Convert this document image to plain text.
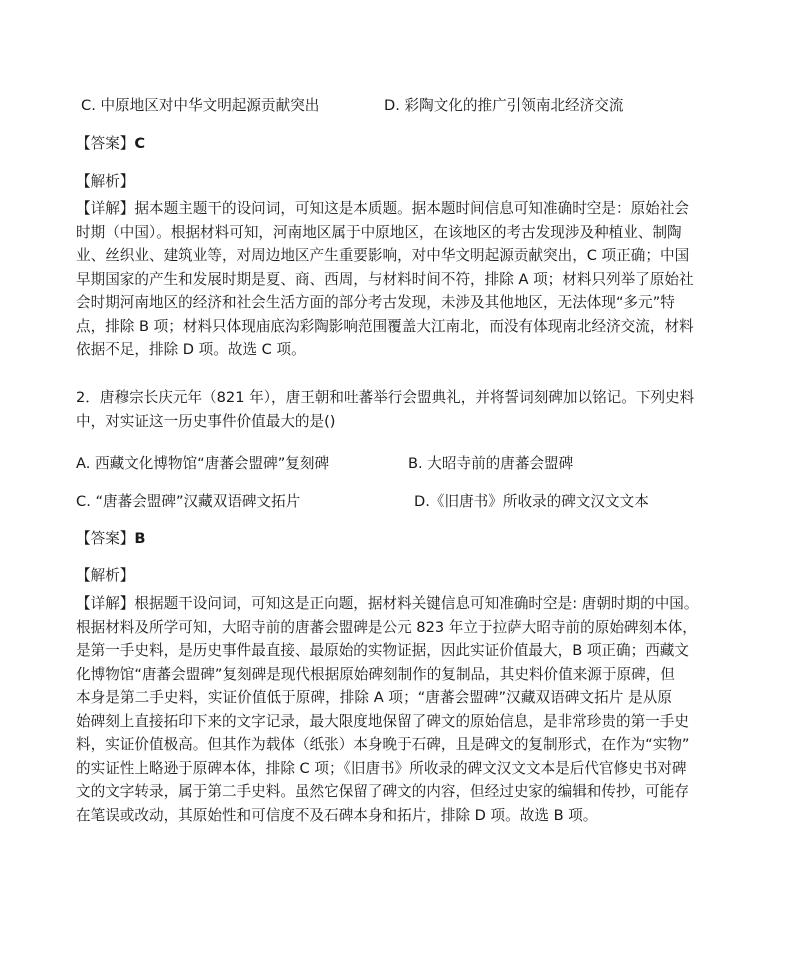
C. 中原地区对中华文明起源贡献突出	D. 彩陶文化的推广引领南北经济交流
【答案】C
【解析】
【详解】据本题主题干的设问词，可知这是本质题。据本题时间信息可知准确时空是：原始社会
时期（中国）。根据材料可知，河南地区属于中原地区，在该地区的考古发现涉及种植业、制陶
业、丝织业、建筑业等，对周边地区产生重要影响，对中华文明起源贡献突出，C 项正确；中国
早期国家的产生和发展时期是夏、商、西周，与材料时间不符，排除 A 项；材料只列举了原始社
会时期河南地区的经济和社会生活方面的部分考古发现，未涉及其他地区，无法体现“多元”特
点，排除 B 项；材料只体现庙底沟彩陶影响范围覆盖大江南北，而没有体现南北经济交流，材料
依据不足，排除 D 项。故选 C 项。
2．唐穆宗长庆元年（821 年），唐王朝和吐蕃举行会盟典礼，并将誓词刻碑加以铭记。下列史料
中，对实证这一历史事件价值最大的是()
A. 西藏文化博物馆“唐蕃会盟碑”复刻碑	B. 大昭寺前的唐蕃会盟碑
C. “唐蕃会盟碑”汉藏双语碑文拓片	D.《旧唐书》所收录的碑文汉文文本
【答案】B
【解析】
【详解】根据题干设问词，可知这是正向题，据材料关键信息可知准确时空是: 唐朝时期的中国。
根据材料及所学可知，大昭寺前的唐蕃会盟碑是公元 823 年立于拉萨大昭寺前的原始碑刻本体，
是第一手史料，是历史事件最直接、最原始的实物证据，因此实证价值最大，B 项正确；西藏文
化博物馆“唐蕃会盟碑”复刻碑是现代根据原始碑刻制作的复制品，其史料价值来源于原碑，但
本身是第二手史料，实证价值低于原碑，排除 A 项；“唐蕃会盟碑”汉藏双语碑文拓片 是从原
始碑刻上直接拓印下来的文字记录，最大限度地保留了碑文的原始信息，是非常珍贵的第一手史
料，实证价值极高。但其作为载体（纸张）本身晚于石碑，且是碑文的复制形式，在作为“实物”
的实证性上略逊于原碑本体，排除 C 项；《旧唐书》所收录的碑文汉文文本是后代官修史书对碑
文的文字转录，属于第二手史料。虽然它保留了碑文的内容，但经过史家的编辑和传抄，可能存
在笔误或改动，其原始性和可信度不及石碑本身和拓片，排除 D 项。故选 B 项。
